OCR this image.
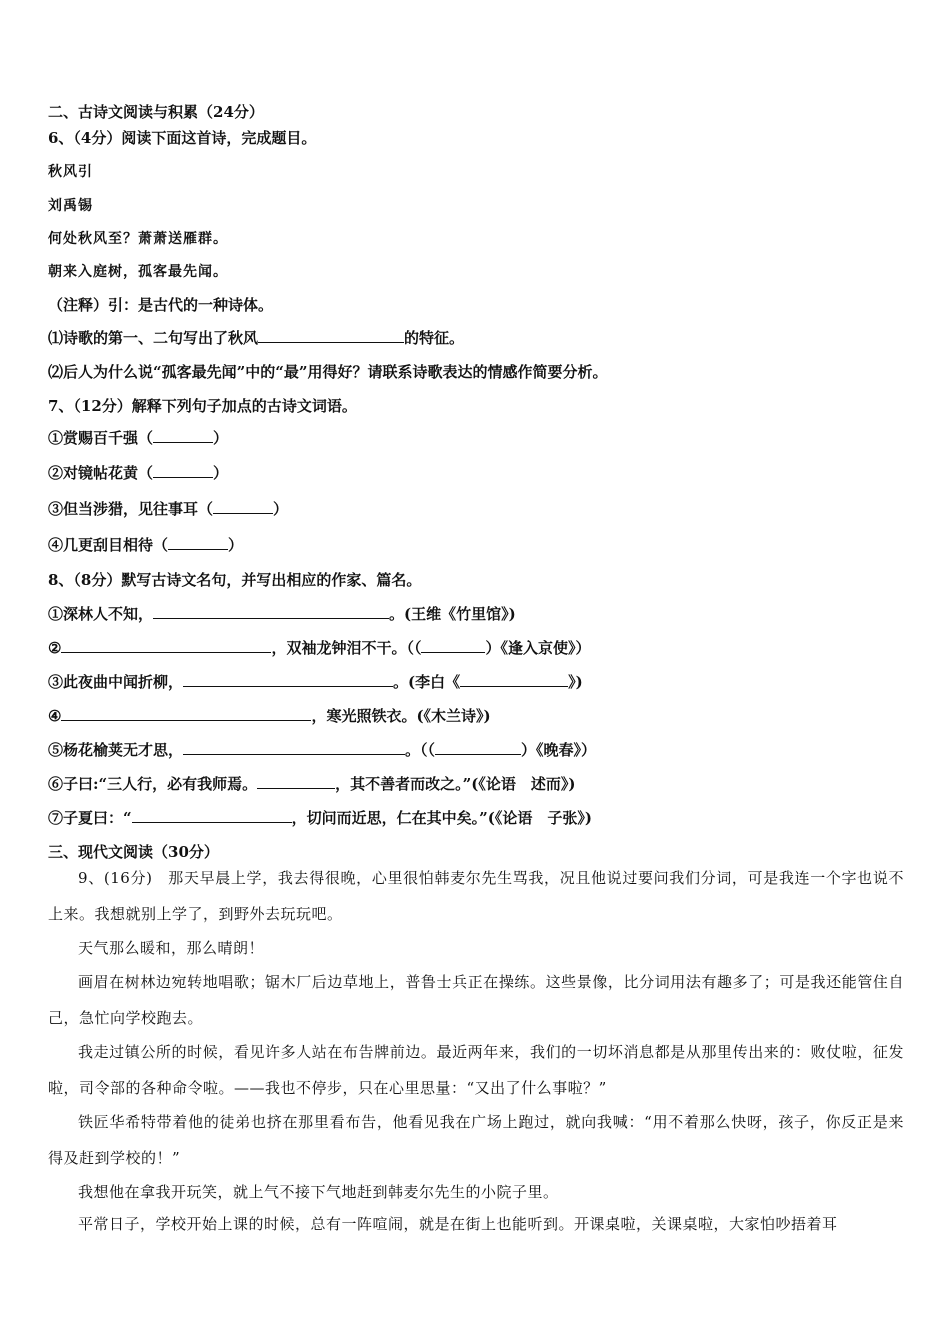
二、古诗文阅读与积累（24分）
6、（4分）阅读下面这首诗，完成题目。
秋风引
刘禹锡
何处秋风至？萧萧送雁群。
朝来入庭树，孤客最先闻。
（注释）引：是古代的一种诗体。
⑴诗歌的第一、二句写出了秋风	的特征。
⑵后人为什么说“孤客最先闻”中的“最”用得好？请联系诗歌表达的情感作简要分析。
7、（12分）解释下列句子加点的古诗文词语。
①赏赐百千强（	）
②对镜帖花黄（	）
③但当涉猎，见往事耳（	）
④几更刮目相待（	）
8、（8分）默写古诗文名句，并写出相应的作家、篇名。
①深林人不知，	。(王维《竹里馆》)
②	，双袖龙钟泪不干。（（	）《逢入京使》）
③此夜曲中闻折柳，	。(李白《	》)
④	，寒光照铁衣。(《木兰诗》)
⑤杨花榆荚无才思，	。（（	）《晚春》）
⑥子曰:“三人行，必有我师焉。	，其不善者而改之。”(《论语　述而》)
⑦子夏曰：“	，切问而近思，仁在其中矣。”(《论语　子张》)
三、现代文阅读（30分）
9、(16分)　那天早晨上学，我去得很晚，心里很怕韩麦尔先生骂我，况且他说过要问我们分词，可是我连一个字也说不上来。我想就别上学了，到野外去玩玩吧。
天气那么暖和，那么晴朗！
画眉在树林边宛转地唱歌；锯木厂后边草地上，普鲁士兵正在操练。这些景像，比分词用法有趣多了；可是我还能管住自己，急忙向学校跑去。
我走过镇公所的时候，看见许多人站在布告牌前边。最近两年来，我们的一切坏消息都是从那里传出来的：败仗啦，征发啦，司令部的各种命令啦。——我也不停步，只在心里思量：“又出了什么事啦？”
铁匠华希特带着他的徒弟也挤在那里看布告，他看见我在广场上跑过，就向我喊：“用不着那么快呀，孩子，你反正是来得及赶到学校的！”
我想他在拿我开玩笑，就上气不接下气地赶到韩麦尔先生的小院子里。
平常日子，学校开始上课的时候，总有一阵喧闹，就是在街上也能听到。开课桌啦，关课桌啦，大家怕吵捂着耳
